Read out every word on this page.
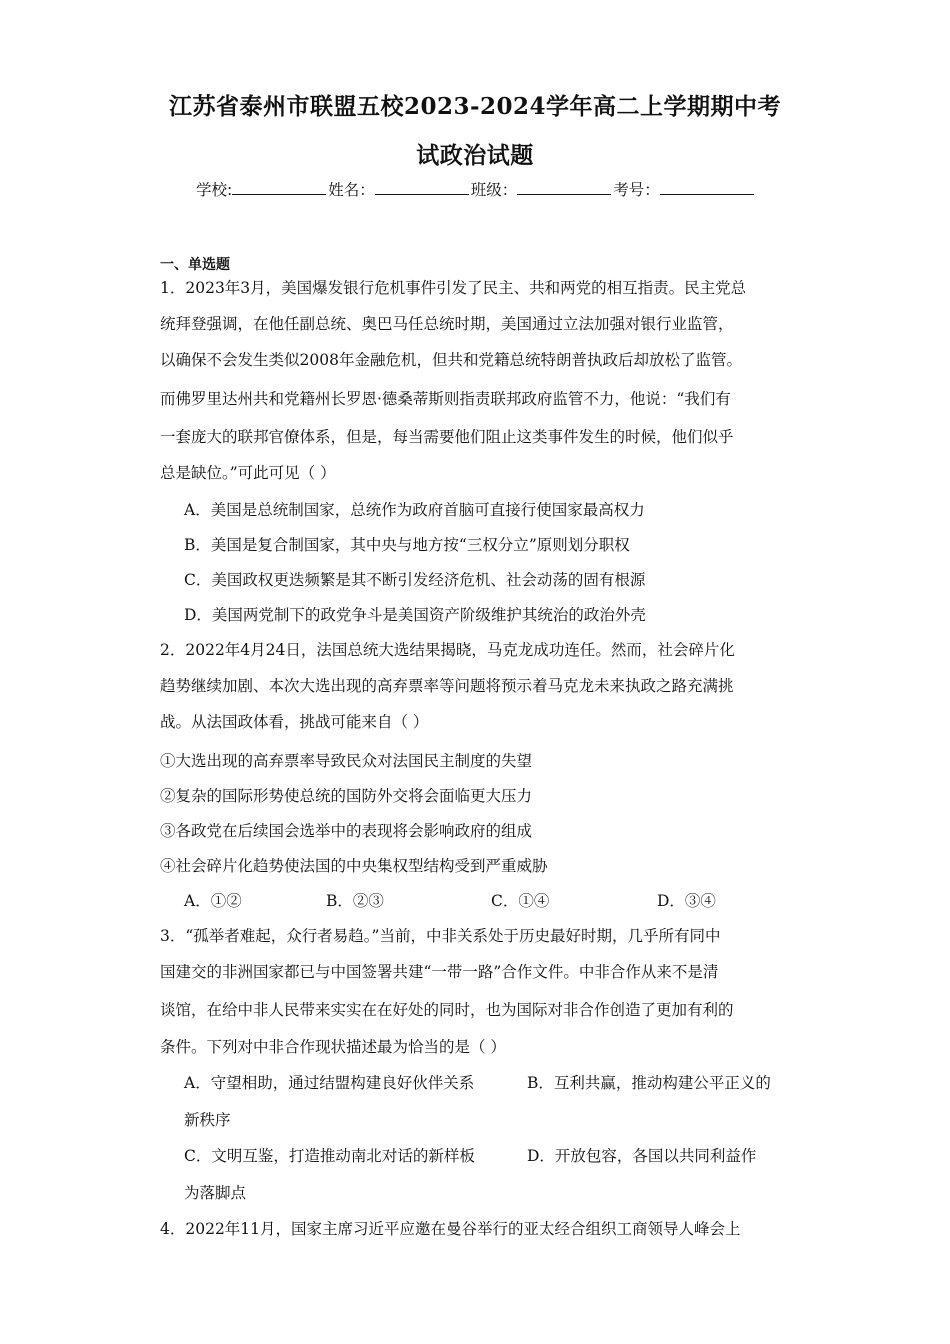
江苏省泰州市联盟五校2023-2024学年高二上学期期中考
试政治试题
学校:	姓名：	班级：	考号：
一、单选题
1．2023年3月，美国爆发银行危机事件引发了民主、共和两党的相互指责。民主党总
统拜登强调，在他任副总统、奥巴马任总统时期，美国通过立法加强对银行业监管，
以确保不会发生类似2008年金融危机，但共和党籍总统特朗普执政后却放松了监管。
而佛罗里达州共和党籍州长罗恩·德桑蒂斯则指责联邦政府监管不力，他说：“我们有
一套庞大的联邦官僚体系，但是，每当需要他们阻止这类事件发生的时候，他们似乎
总是缺位。”可此可见（ ）
A．美国是总统制国家，总统作为政府首脑可直接行使国家最高权力
B．美国是复合制国家，其中央与地方按“三权分立”原则划分职权
C．美国政权更迭频繁是其不断引发经济危机、社会动荡的固有根源
D．美国两党制下的政党争斗是美国资产阶级维护其统治的政治外壳
2．2022年4月24日，法国总统大选结果揭晓，马克龙成功连任。然而，社会碎片化
趋势继续加剧、本次大选出现的高弃票率等问题将预示着马克龙未来执政之路充满挑
战。从法国政体看，挑战可能来自（ ）
①大选出现的高弃票率导致民众对法国民主制度的失望
②复杂的国际形势使总统的国防外交将会面临更大压力
③各政党在后续国会选举中的表现将会影响政府的组成
④社会碎片化趋势使法国的中央集权型结构受到严重威胁
A．①②	B．②③	C．①④	D．③④
3．“孤举者难起，众行者易趋。”当前，中非关系处于历史最好时期，几乎所有同中
国建交的非洲国家都已与中国签署共建“一带一路”合作文件。中非合作从来不是清
谈馆，在给中非人民带来实实在在好处的同时，也为国际对非合作创造了更加有利的
条件。下列对中非合作现状描述最为恰当的是（ ）
A．守望相助，通过结盟构建良好伙伴关系	B．互利共赢，推动构建公平正义的
新秩序
C．文明互鉴，打造推动南北对话的新样板	D．开放包容，各国以共同利益作
为落脚点
4．2022年11月，国家主席习近平应邀在曼谷举行的亚太经合组织工商领导人峰会上
